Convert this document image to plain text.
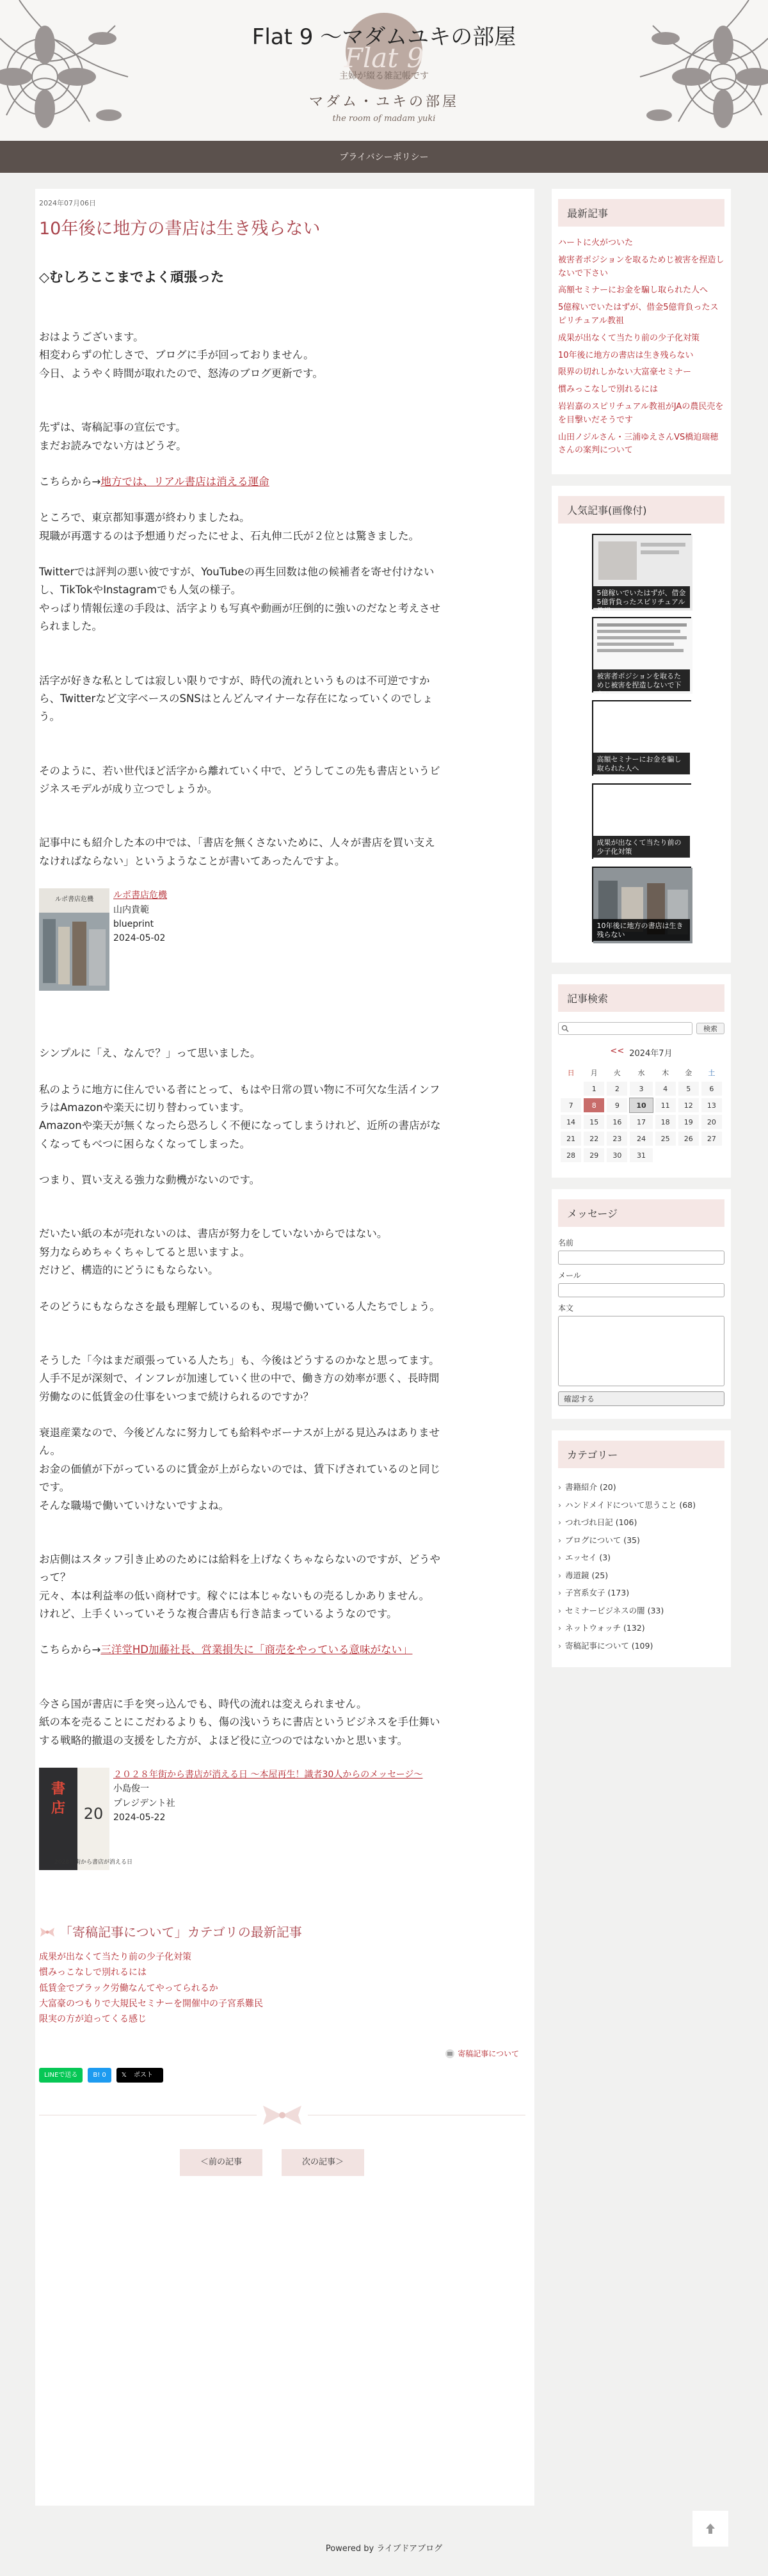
Flat 9
Flat 9 〜マダムユキの部屋
主婦が綴る雑記帳です
マダム・ユキの部屋
the room of madam yuki
プライバシーポリシー
2024年07月06日
10年後に地方の書店は生き残らない
◇むしろここまでよく頑張った

おはようございます。
相変わらずの忙しさで、ブログに手が回っておりません。
今日、ようやく時間が取れたので、怒涛のブログ更新です。

先ずは、寄稿記事の宣伝です。
まだお読みでない方はどうぞ。

こちらから→地方では、リアル書店は消える運命

ところで、東京都知事選が終わりましたね。
現職が再選するのは予想通りだったにせよ、石丸伸二氏が２位とは驚きました。

Twitterでは評判の悪い彼ですが、YouTubeの再生回数は他の候補者を寄せ付けない
し、TikTokやInstagramでも人気の様子。
やっぱり情報伝達の手段は、活字よりも写真や動画が圧倒的に強いのだなと考えさせ
られました。

活字が好きな私としては寂しい限りですが、時代の流れというものは不可逆ですか
ら、Twitterなど文字ベースのSNSはとんどんマイナーな存在になっていくのでしょ
う。

そのように、若い世代ほど活字から離れていく中で、どうしてこの先も書店というビ
ジネスモデルが成り立つでしょうか。

記事中にも紹介した本の中では、「書店を無くさないために、人々が書店を買い支え
なければならない」というようなことが書いてあったんですよ。

ルポ書店危機 ルポ書店危機
山内貴範
blueprint
2024-05-02

シンプルに「え、なんで？」って思いました。

私のように地方に住んでいる者にとって、もはや日常の買い物に不可欠な生活インフ
ラはAmazonや楽天に切り替わっています。
Amazonや楽天が無くなったら恐ろしく不便になってしまうけれど、近所の書店がな
くなってもべつに困らなくなってしまった。

つまり、買い支える強力な動機がないのです。

だいたい紙の本が売れないのは、書店が努力をしていないからではない。
努力ならめちゃくちゃしてると思いますよ。
だけど、構造的にどうにもならない。

そのどうにもならなさを最も理解しているのも、現場で働いている人たちでしょう。

そうした「今はまだ頑張っている人たち」も、今後はどうするのかなと思ってます。
人手不足が深刻で、インフレが加速していく世の中で、働き方の効率が悪く、長時間
労働なのに低賃金の仕事をいつまで続けられるのですか？

衰退産業なので、今後どんなに努力しても給料やボーナスが上がる見込みはありませ
ん。
お金の価値が下がっているのに賃金が上がらないのでは、賃下げされているのと同じ
です。
そんな職場で働いていけないですよね。

お店側はスタッフ引き止めのためには給料を上げなくちゃならないのですが、どうや
って？
元々、本は利益率の低い商材です。稼ぐには本じゃないもの売るしかありません。
けれど、上手くいっていそうな複合書店も行き詰まっているようなのです。

こちらから→三洋堂HD加藤社長、営業損失に「商売をやっている意味がない」

今さら国が書店に手を突っ込んでも、時代の流れは変えられません。
紙の本を売ることにこだわるよりも、傷の浅いうちに書店というビジネスを手仕舞い
する戦略的撤退の支援をした方が、よほど役に立つのではないかと思います。

書
店
2028年街から書店が消える日
20
２０２８年街から書店が消える日 ～本屋再生！識者30人からのメッセージ～
小島俊一
プレジデント社
2024-05-22
「寄稿記事について」カテゴリの最新記事
成果が出なくて当たり前の少子化対策
慣みっこなしで別れるには
低賃金でブラック労働なんてやってられるか
大富豪のつもりで大規民セミナーを開催中の子宮系難民
限実の方が迫ってくる感じ
寄稿記事について
LINEで送る	B! 0	𝕏 ポスト
＜前の記事	次の記事＞
最新記事
ハートに火がついた
被害者ポジションを取るためじ被害を捏造しないで下さい
高額セミナーにお金を騙し取られた人へ
5億稼いでいたはずが、借金5億背負ったスピリチュアル教祖
成果が出なくて当たり前の少子化対策
10年後に地方の書店は生き残らない
限界の切れしかない大富豪セミナー
慣みっこなしで別れるには
岩岩嘉のスピリチュアル教祖がJAの農民売をを目撃いだそうです
山田ノジルさん・三浦ゆえさんVS橋迫瑞穂さんの案判について
人気記事(画像付)
5億稼いでいたはずが、借金5億背負ったスピリチュアル教祖
被害者ポジションを取るためじ被害を捏造しないで下さい
高額セミナーにお金を騙し取られた人へ
成果が出なくて当たり前の少子化対策
10年後に地方の書店は生き残らない
記事検索
検索
<< 2024年7月
日	月	火	水	木	金	土
	1	2	3	4	5	6
7	8	9	10	11	12	13
14	15	16	17	18	19	20
21	22	23	24	25	26	27
28	29	30	31			
メッセージ
名前
メール
本文
確認する
カテゴリー
› 書籍紹介 (20)
› ハンドメイドについて思うこと (68)
› つれづれ日記 (106)
› ブログについて (35)
› エッセイ (3)
› 毒道鏡 (25)
› 子宮系女子 (173)
› セミナービジネスの闇 (33)
› ネットウォッチ (132)
› 寄稿記事について (109)
Powered by ライブドアブログ
